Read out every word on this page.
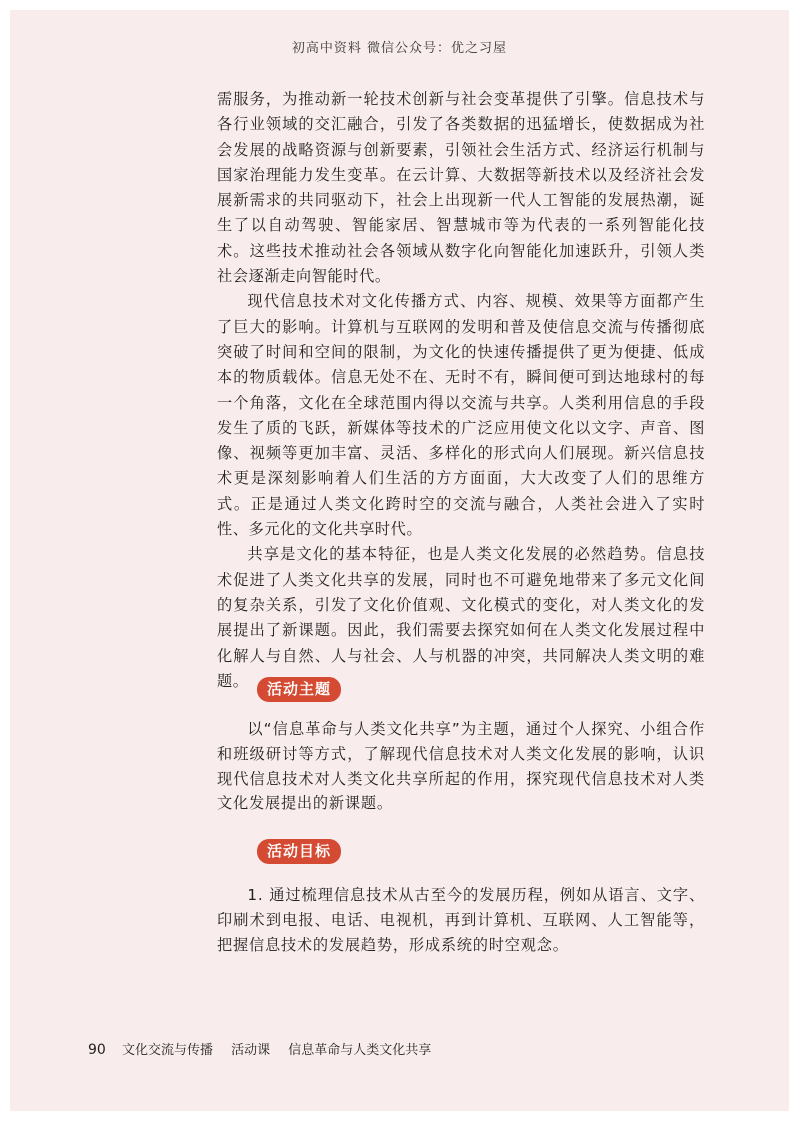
初高中资料 微信公众号：优之习屋

需服务，为推动新一轮技术创新与社会变革提供了引擎。信息技术与各行业领域的交汇融合，引发了各类数据的迅猛增长，使数据成为社会发展的战略资源与创新要素，引领社会生活方式、经济运行机制与国家治理能力发生变革。在云计算、大数据等新技术以及经济社会发展新需求的共同驱动下，社会上出现新一代人工智能的发展热潮，诞生了以自动驾驶、智能家居、智慧城市等为代表的一系列智能化技术。这些技术推动社会各领域从数字化向智能化加速跃升，引领人类社会逐渐走向智能时代。

现代信息技术对文化传播方式、内容、规模、效果等方面都产生了巨大的影响。计算机与互联网的发明和普及使信息交流与传播彻底突破了时间和空间的限制，为文化的快速传播提供了更为便捷、低成本的物质载体。信息无处不在、无时不有，瞬间便可到达地球村的每一个角落，文化在全球范围内得以交流与共享。人类利用信息的手段发生了质的飞跃，新媒体等技术的广泛应用使文化以文字、声音、图像、视频等更加丰富、灵活、多样化的形式向人们展现。新兴信息技术更是深刻影响着人们生活的方方面面，大大改变了人们的思维方式。正是通过人类文化跨时空的交流与融合，人类社会进入了实时性、多元化的文化共享时代。

共享是文化的基本特征，也是人类文化发展的必然趋势。信息技术促进了人类文化共享的发展，同时也不可避免地带来了多元文化间的复杂关系，引发了文化价值观、文化模式的变化，对人类文化的发展提出了新课题。因此，我们需要去探究如何在人类文化发展过程中化解人与自然、人与社会、人与机器的冲突，共同解决人类文明的难题。	活动主题

以“信息革命与人类文化共享”为主题，通过个人探究、小组合作和班级研讨等方式，了解现代信息技术对人类文化发展的影响，认识现代信息技术对人类文化共享所起的作用，探究现代信息技术对人类文化发展提出的新课题。

活动目标

1. 通过梳理信息技术从古至今的发展历程，例如从语言、文字、印刷术到电报、电话、电视机，再到计算机、互联网、人工智能等，把握信息技术的发展趋势，形成系统的时空观念。

90 文化交流与传播 活动课 信息革命与人类文化共享
